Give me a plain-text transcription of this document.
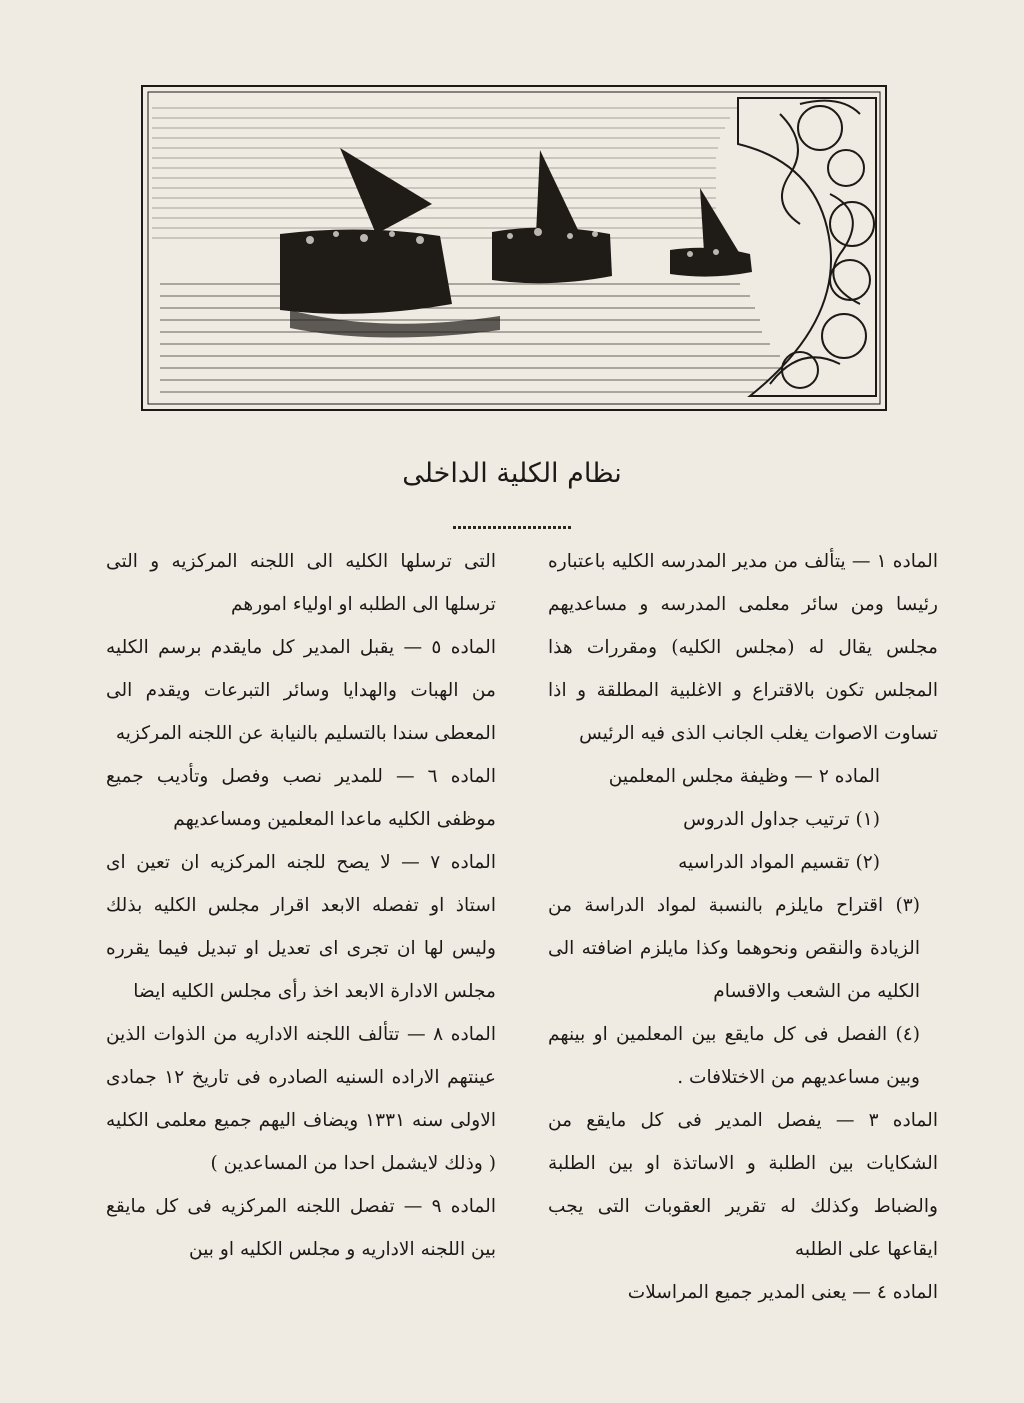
نظام الكلية الداخلى

الماده ١ — يتألف من مدير المدرسه الكليه باعتباره رئيسا ومن سائر معلمى المدرسه و مساعديهم مجلس يقال له (مجلس الكليه) ومقررات هذا المجلس تكون بالاقتراع و الاغلبية المطلقة و اذا تساوت الاصوات يغلب الجانب الذى فيه الرئيس

الماده ٢ — وظيفة مجلس المعلمين

(١) ترتيب جداول الدروس

(٢) تقسيم المواد الدراسيه

(٣) اقتراح مايلزم بالنسبة لمواد الدراسة من الزيادة والنقص ونحوهما وكذا مايلزم اضافته الى الكليه من الشعب والاقسام

(٤) الفصل فى كل مايقع بين المعلمين او بينهم وبين مساعديهم من الاختلافات .

الماده ٣ — يفصل المدير فى كل مايقع من الشكايات بين الطلبة و الاساتذة او بين الطلبة والضباط وكذلك له تقرير العقوبات التى يجب ايقاعها على الطلبه

الماده ٤ — يعنى المدير جميع المراسلات

التى ترسلها الكليه الى اللجنه المركزيه و التى ترسلها الى الطلبه او اولياء امورهم

الماده ٥ — يقبل المدير كل مايقدم برسم الكليه من الهبات والهدايا وسائر التبرعات ويقدم الى المعطى سندا بالتسليم بالنيابة عن اللجنه المركزيه

الماده ٦ — للمدير نصب وفصل وتأديب جميع موظفى الكليه ماعدا المعلمين ومساعديهم

الماده ٧ — لا يصح للجنه المركزيه ان تعين اى استاذ او تفصله الابعد اقرار مجلس الكليه بذلك وليس لها ان تجرى اى تعديل او تبديل فيما يقرره مجلس الادارة الابعد اخذ رأى مجلس الكليه ايضا

الماده ٨ — تتألف اللجنه الاداريه من الذوات الذين عينتهم الاراده السنيه الصادره فى تاريخ ١٢ جمادى الاولى سنه ١٣٣١ ويضاف اليهم جميع معلمى الكليه ( وذلك لايشمل احدا من المساعدين )

الماده ٩ — تفصل اللجنه المركزيه فى كل مايقع بين اللجنه الاداريه و مجلس الكليه او بين
